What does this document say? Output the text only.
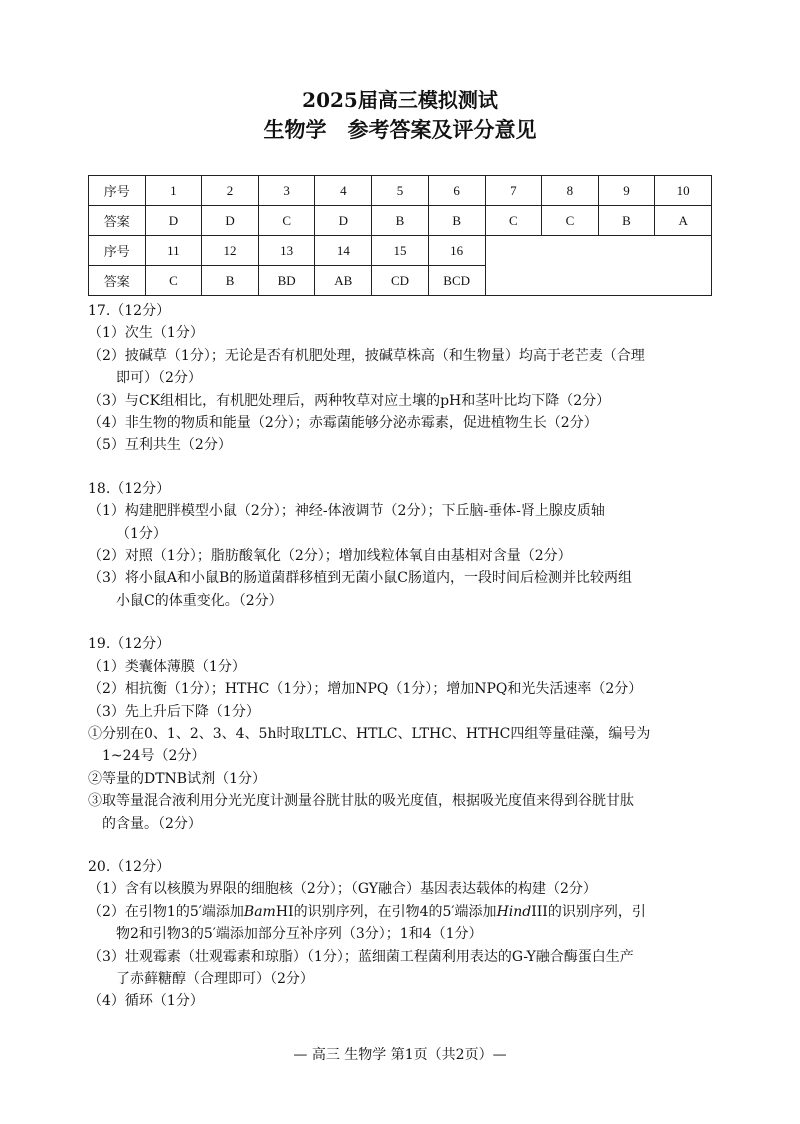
2025届高三模拟测试
生物学　参考答案及评分意见
序号	1	2	3	4	5	6	7	8	9	10
答案	D	D	C	D	B	B	C	C	B	A
序号	11	12	13	14	15	16				
答案	C	B	BD	AB	CD	BCD				
17.（12分）
（1）次生（1分）
（2）披碱草（1分）；无论是否有机肥处理，披碱草株高（和生物量）均高于老芒麦（合理
即可）（2分）
（3）与CK组相比，有机肥处理后，两种牧草对应土壤的pH和茎叶比均下降（2分）
（4）非生物的物质和能量（2分）；赤霉菌能够分泌赤霉素，促进植物生长（2分）
（5）互利共生（2分）
18.（12分）
（1）构建肥胖模型小鼠（2分）；神经-体液调节（2分）；下丘脑-垂体-肾上腺皮质轴
（1分）
（2）对照（1分）；脂肪酸氧化（2分）；增加线粒体氧自由基相对含量（2分）
（3）将小鼠A和小鼠B的肠道菌群移植到无菌小鼠C肠道内，一段时间后检测并比较两组
小鼠C的体重变化。（2分）
19.（12分）
（1）类囊体薄膜（1分）
（2）相抗衡（1分）；HTHC（1分）；增加NPQ（1分）；增加NPQ和光失活速率（2分）
（3）先上升后下降（1分）
①分别在0、1、2、3、4、5h时取LTLC、HTLC、LTHC、HTHC四组等量硅藻，编号为
1~24号（2分）
②等量的DTNB试剂（1分）
③取等量混合液利用分光光度计测量谷胱甘肽的吸光度值，根据吸光度值来得到谷胱甘肽
的含量。（2分）
20.（12分）
（1）含有以核膜为界限的细胞核（2分）；（GY融合）基因表达载体的构建（2分）
（2）在引物1的5′端添加BamHI的识别序列，在引物4的5′端添加HindIII的识别序列，引
物2和引物3的5′端添加部分互补序列（3分）；1和4（1分）
（3）壮观霉素（壮观霉素和琼脂）（1分）；蓝细菌工程菌利用表达的G-Y融合酶蛋白生产
了赤藓糖醇（合理即可）（2分）
（4）循环（1分）
— 高三 生物学 第1页（共2页）—
